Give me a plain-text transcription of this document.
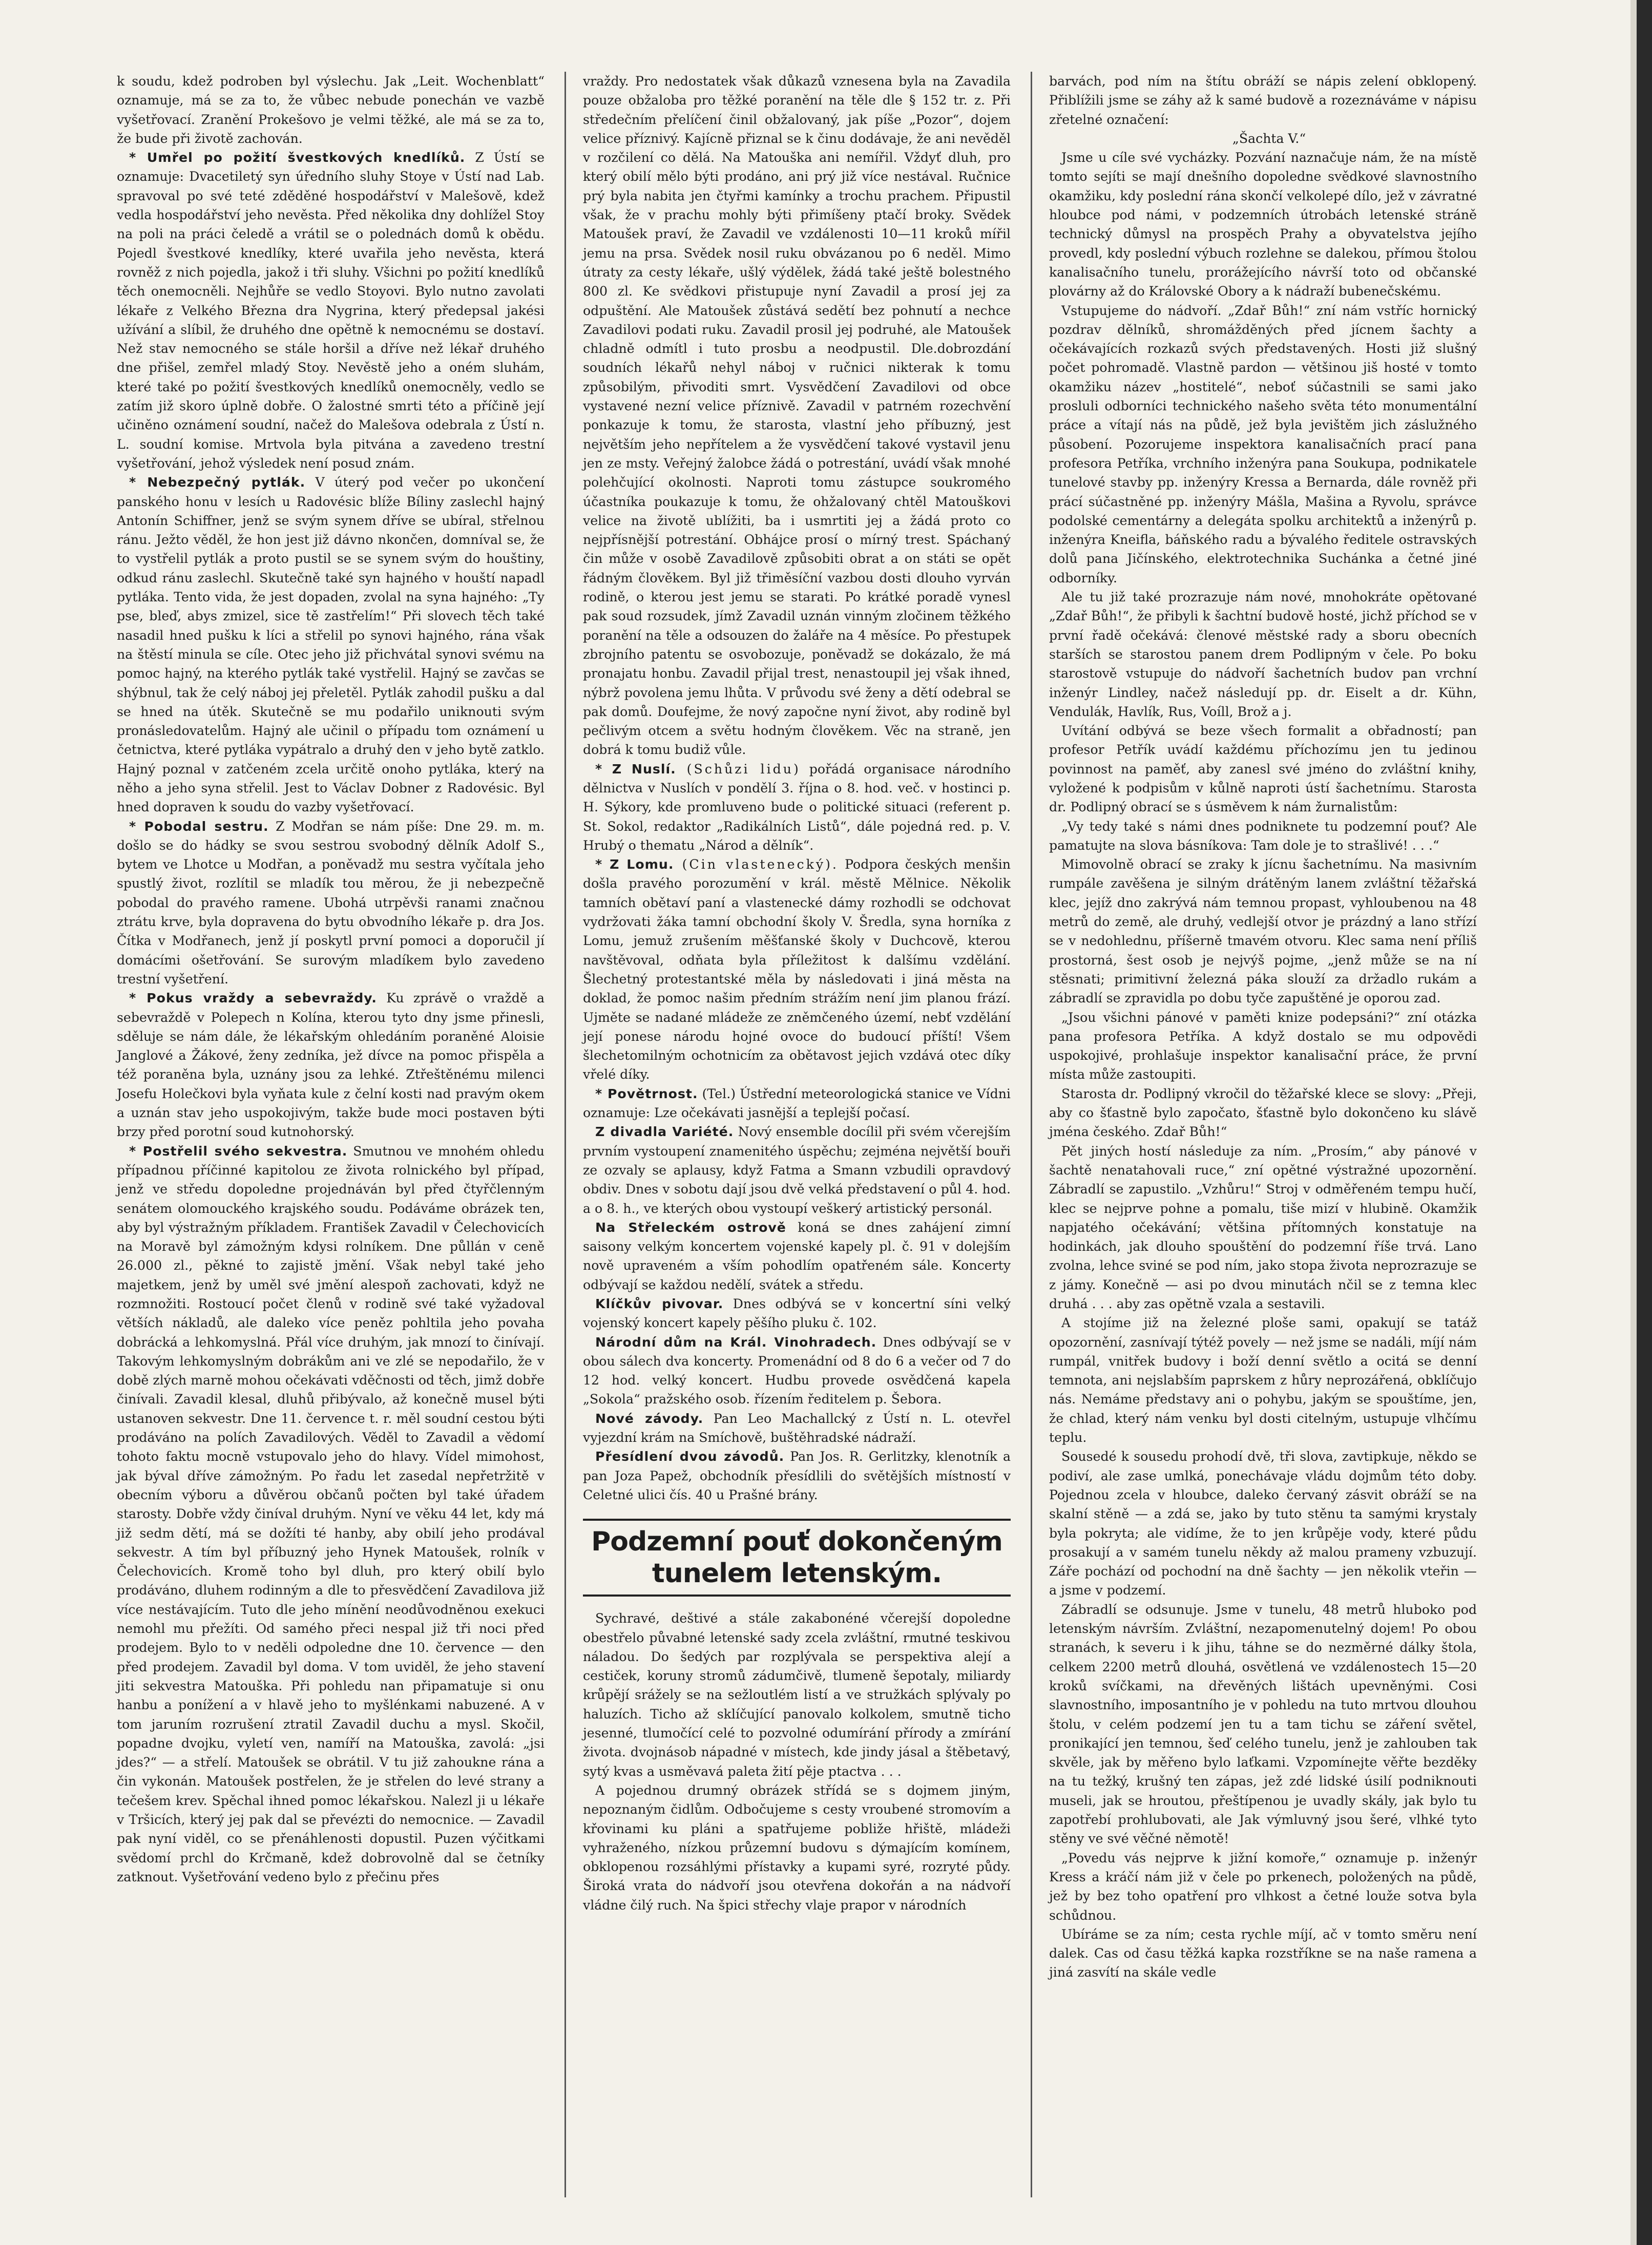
k soudu, kdež podroben byl výslechu. Jak „Leit. Wochenblatt“ oznamuje, má se za to, že vůbec nebude ponechán ve vazbě vyšetřovací. Zranění Prokešovo je velmi těžké, ale má se za to, že bude při životě zachován.

* Umřel po požití švestkových knedlíků. Z Ústí se oznamuje: Dvacetiletý syn úředního sluhy Stoye v Ústí nad Lab. spravoval po své teté zděděné hospodářství v Malešově, kdež vedla hospodářství jeho nevěsta. Před několika dny dohlížel Stoy na poli na práci čeledě a vrátil se o polednách domů k obědu. Pojedl švestkové knedlíky, které uvařila jeho nevěsta, která rovněž z nich pojedla, jakož i tři sluhy. Všichni po požití knedlíků těch onemocněli. Nejhůře se vedlo Stoyovi. Bylo nutno zavolati lékaře z Velkého Března dra Nygrina, který předepsal jakési užívání a slíbil, že druhého dne opětně k nemocnému se dostaví. Než stav nemocného se stále horšil a dříve než lékař druhého dne přišel, zemřel mladý Stoy. Nevěstě jeho a oném sluhám, které také po požití švestkových knedlíků onemocněly, vedlo se zatím již skoro úplně dobře. O žalostné smrti této a příčině její učiněno oznámení soudní, načež do Malešova odebrala z Ústí n. L. soudní komise. Mrtvola byla pitvána a zavedeno trestní vyšetřování, jehož výsledek není posud znám.

* Nebezpečný pytlák. V úterý pod večer po ukončení panského honu v lesích u Radovésic blíže Bíliny zaslechl hajný Antonín Schiffner, jenž se svým synem dříve se ubíral, střelnou ránu. Ježto věděl, že hon jest již dávno nkončen, domníval se, že to vystřelil pytlák a proto pustil se se synem svým do houštiny, odkud ránu zaslechl. Skutečně také syn hajného v houští napadl pytláka. Tento vida, že jest dopaden, zvolal na syna hajného: „Ty pse, bleď, abys zmizel, sice tě zastřelím!“ Při slovech těch také nasadil hned pušku k líci a střelil po synovi hajného, rána však na štěstí minula se cíle. Otec jeho již přichvátal synovi svému na pomoc hajný, na kterého pytlák také vystřelil. Hajný se zavčas se shýbnul, tak že celý náboj jej přeletěl. Pytlák zahodil pušku a dal se hned na útěk. Skutečně se mu podařilo uniknouti svým pronásledovatelům. Hajný ale učinil o případu tom oznámení u četnictva, které pytláka vypátralo a druhý den v jeho bytě zatklo. Hajný poznal v zatčeném zcela určitě onoho pytláka, který na něho a jeho syna střelil. Jest to Václav Dobner z Radovésic. Byl hned dopraven k soudu do vazby vyšetřovací.

* Pobodal sestru. Z Modřan se nám píše: Dne 29. m. m. došlo se do hádky se svou sestrou svobodný dělník Adolf S., bytem ve Lhotce u Modřan, a poněvadž mu sestra vyčítala jeho spustlý život, rozlítil se mladík tou měrou, že ji nebezpečně pobodal do pravého ramene. Ubohá utrpěvši ranami značnou ztrátu krve, byla dopravena do bytu obvodního lékaře p. dra Jos. Čítka v Modřanech, jenž jí poskytl první pomoci a doporučil jí domácími ošetřování. Se surovým mladíkem bylo zavedeno trestní vyšetření.

* Pokus vraždy a sebevraždy. Ku zprávě o vraždě a sebevraždě v Polepech n Kolína, kterou tyto dny jsme přinesli, sděluje se nám dále, že lékařským ohledáním poraněné Aloisie Janglové a Žákové, ženy zedníka, jež dívce na pomoc přispěla a též poraněna byla, uznány jsou za lehké. Ztřeštěnému milenci Josefu Holečkovi byla vyňata kule z čelní kosti nad pravým okem a uznán stav jeho uspokojivým, takže bude moci postaven býti brzy před porotní soud kutnohorský.

* Postřelil svého sekvestra. Smutnou ve mnohém ohledu případnou příčinné kapitolou ze života rolnického byl případ, jenž ve středu dopoledne projednáván byl před čtyřčlenným senátem olomouckého krajského soudu. Podáváme obrázek ten, aby byl výstražným příkladem. František Zavadil v Čelechovicích na Moravě byl zámožným kdysi rolníkem. Dne půllán v ceně 26.000 zl., pěkné to zajistě jmění. Však nebyl také jeho majetkem, jenž by uměl své jmění alespoň zachovati, když ne rozmnožiti. Rostoucí počet členů v rodině své také vyžadoval větších nákladů, ale daleko více peněz pohltila jeho povaha dobrácká a lehkomyslná. Přál více druhým, jak mnozí to činívají. Takovým lehkomyslným dobrákům ani ve zlé se nepodařilo, že v době zlých marně mohou očekávati vděčnosti od těch, jimž dobře činívali. Zavadil klesal, dluhů přibývalo, až konečně musel býti ustanoven sekvestr. Dne 11. července t. r. měl soudní cestou býti prodáváno na polích Zavadilových. Věděl to Zavadil a vědomí tohoto faktu mocně vstupovalo jeho do hlavy. Vídel mimohost, jak býval dříve zámožným. Po řadu let zasedal nepřetržitě v obecním výboru a důvěrou občanů počten byl také úřadem starosty. Dobře vždy činíval druhým. Nyní ve věku 44 let, kdy má již sedm dětí, má se dožíti té hanby, aby obilí jeho prodával sekvestr. A tím byl příbuzný jeho Hynek Matoušek, rolník v Čelechovicích. Kromě toho byl dluh, pro který obilí bylo prodáváno, dluhem rodinným a dle to přesvědčení Zavadilova již více nestávajícím. Tuto dle jeho mínění neodůvodněnou exekuci nemohl mu přežíti. Od samého přeci nespal již tři noci před prodejem. Bylo to v neděli odpoledne dne 10. července — den před prodejem. Zavadil byl doma. V tom uviděl, že jeho stavení jiti sekvestra Matouška. Při pohledu nan připamatuje si onu hanbu a ponížení a v hlavě jeho to myšlénkami nabuzené. A v tom jaruním rozrušení ztratil Zavadil duchu a mysl. Skočil, popadne dvojku, vyletí ven, namíří na Matouška, zavolá: „jsi jdes?“ — a střelí. Matoušek se obrátil. V tu již zahoukne rána a čin vykonán. Matoušek postřelen, že je střelen do levé strany a tečešem krev. Spěchal ihned pomoc lékařskou. Nalezl ji u lékaře v Tršicích, který jej pak dal se převézti do nemocnice. — Zavadil pak nyní viděl, co se přenáhlenosti dopustil. Puzen výčitkami svědomí prchl do Krčmaně, kdež dobrovolně dal se četníky zatknout. Vyšetřování vedeno bylo z přečinu přes

vraždy. Pro nedostatek však důkazů vznesena byla na Zavadila pouze obžaloba pro těžké poranění na těle dle § 152 tr. z. Při středečním přelíčení činil obžalovaný, jak píše „Pozor“, dojem velice příznivý. Kajícně přiznal se k činu dodávaje, že ani nevěděl v rozčilení co dělá. Na Matouška ani nemířil. Vždyť dluh, pro který obilí mělo býti prodáno, ani prý již více nestával. Ručnice prý byla nabita jen čtyřmi kamínky a trochu prachem. Připustil však, že v prachu mohly býti přimíšeny ptačí broky. Svědek Matoušek praví, že Zavadil ve vzdálenosti 10—11 kroků mířil jemu na prsa. Svědek nosil ruku obvázanou po 6 neděl. Mimo útraty za cesty lékaře, ušlý výdělek, žádá také ještě bolestného 800 zl. Ke svědkovi přistupuje nyní Zavadil a prosí jej za odpuštění. Ale Matoušek zůstává sedětí bez pohnutí a nechce Zavadilovi podati ruku. Zavadil prosil jej podruhé, ale Matoušek chladně odmítl i tuto prosbu a neodpustil. Dle.dobrozdání soudních lékařů nehyl náboj v ručnici nikterak k tomu způsobilým, přivoditi smrt. Vysvědčení Zavadilovi od obce vystavené nezní velice příznivě. Zavadil v patrném rozechvění ponkazuje k tomu, že starosta, vlastní jeho příbuzný, jest největším jeho nepřítelem a že vysvědčení takové vystavil jenu jen ze msty. Veřejný žalobce žádá o potrestání, uvádí však mnohé polehčující okolnosti. Naproti tomu zástupce soukromého účastníka poukazuje k tomu, že ohžalovaný chtěl Matouškovi velice na životě ublížiti, ba i usmrtiti jej a žádá proto co nejpřísnější potrestání. Obhájce prosí o mírný trest. Spáchaný čin může v osobě Zavadilově způsobiti obrat a on státi se opět řádným člověkem. Byl již třiměsíční vazbou dosti dlouho vyrván rodině, o kterou jest jemu se starati. Po krátké poradě vynesl pak soud rozsudek, jímž Zavadil uznán vinným zločinem těžkého poranění na těle a odsouzen do žaláře na 4 měsíce. Po přestupek zbrojního patentu se osvobozuje, poněvadž se dokázalo, že má pronajatu honbu. Zavadil přijal trest, nenastoupil jej však ihned, nýbrž povolena jemu lhůta. V průvodu své ženy a dětí odebral se pak domů. Doufejme, že nový započne nyní život, aby rodině byl pečlivým otcem a světu hodným člověkem. Věc na straně, jen dobrá k tomu budiž vůle.

* Z Nuslí. (Schůzi lidu) pořádá organisace národního dělnictva v Nuslích v pondělí 3. října o 8. hod. več. v hostinci p. H. Sýkory, kde promluveno bude o politické situaci (referent p. St. Sokol, redaktor „Radikálních Listů“, dále pojedná red. p. V. Hrubý o thematu „Národ a dělník“.

* Z Lomu. (Cin vlastenecký). Podpora českých menšin došla pravého porozumění v král. městě Mělnice. Několik tamních obětaví paní a vlastenecké dámy rozhodli se odchovat vydržovati žáka tamní obchodní školy V. Šredla, syna horníka z Lomu, jemuž zrušením měšťanské školy v Duchcově, kterou navštěvoval, odňata byla příležitost k dalšímu vzdělání. Šlechetný protestantské měla by následovati i jiná města na doklad, že pomoc našim předním strážím není jim planou frází. Ujměte se nadané mládeže ze zněmčeného území, nebť vzdělání její ponese národu hojné ovoce do budoucí příští! Všem šlechetomilným ochotnicím za obětavost jejich vzdává otec díky vřelé díky.

* Povětrnost. (Tel.) Ústřední meteorologická stanice ve Vídni oznamuje: Lze očekávati jasnější a teplejší počasí.

Z divadla Variété. Nový ensemble docílil při svém včerejším prvním vystoupení znamenitého úspěchu; zejména největší bouři ze ozvaly se aplausy, když Fatma a Smann vzbudili opravdový obdiv. Dnes v sobotu dají jsou dvě velká představení o půl 4. hod. a o 8. h., ve kterých obou vystoupí veškerý artistický personál.

Na Střeleckém ostrově koná se dnes zahájení zimní saisony velkým koncertem vojenské kapely pl. č. 91 v dolejším nově upraveném a vším pohodlím opatřeném sále. Koncerty odbývají se každou nedělí, svátek a středu.

Klíčkův pivovar. Dnes odbývá se v koncertní síni velký vojenský koncert kapely pěšího pluku č. 102.

Národní dům na Král. Vinohradech. Dnes odbývají se v obou sálech dva koncerty. Promenádní od 8 do 6 a večer od 7 do 12 hod. velký koncert. Hudbu provede osvědčená kapela „Sokola“ pražského osob. řízením ředitelem p. Šebora.

Nové závody. Pan Leo Machallcký z Ústí n. L. otevřel vyjezdní krám na Smíchově, buštěhradské nádraží.

Přesídlení dvou závodů. Pan Jos. R. Gerlitzky, klenotník a pan Joza Papež, obchodník přesídlili do světějších místností v Celetné ulici čís. 40 u Prašné brány.

Podzemní pouť dokončeným tunelem letenským.

Sychravé, deštivé a stále zakabonéné včerejší dopoledne obestřelo půvabné letenské sady zcela zvláštní, rmutné teskivou náladou. Do šedých par rozplývala se perspektiva alejí a cestiček, koruny stromů zádumčivě, tlumeně šepotaly, miliardy krůpějí srážely se na sežloutlém listí a ve stružkách splývaly po haluzích. Ticho až sklíčující panovalo kolkolem, smutně ticho jesenné, tlumočící celé to pozvolné odumírání přírody a zmírání života. dvojnásob nápadné v místech, kde jindy jásal a štěbetavý, sytý kvas a usměvavá paleta žití pěje ptactva . . .

A pojednou drumný obrázek střídá se s dojmem jiným, nepoznaným čidlům. Odbočujeme s cesty vroubené stromovím a křovinami ku pláni a spatřujeme pobliže hřiště, mládeži vyhraženého, nízkou průzemní budovu s dýmajícím komínem, obklopenou rozsáhlými přístavky a kupami syré, rozryté půdy. Široká vrata do nádvoří jsou otevřena dokořán a na nádvoří vládne čilý ruch. Na špici střechy vlaje prapor v národních

barvách, pod ním na štítu obráží se nápis zelení obklopený. Přiblížili jsme se záhy až k samé budově a rozeznáváme v nápisu zřetelné označení:

„Šachta V.“

Jsme u cíle své vycházky. Pozvání naznačuje nám, že na místě tomto sejíti se mají dnešního dopoledne svědkové slavnostního okamžiku, kdy poslední rána skončí velkolepé dílo, jež v závratné hloubce pod námi, v podzemních útrobách letenské stráně technický důmysl na prospěch Prahy a obyvatelstva jejího provedl, kdy poslední výbuch rozlehne se dalekou, přímou štolou kanalisačního tunelu, prorážejícího návrší toto od občanské plovárny až do Královské Obory a k nádraží bubenečskému.

Vstupujeme do nádvoří. „Zdař Bůh!“ zní nám vstříc hornický pozdrav dělníků, shromážděných před jícnem šachty a očekávajících rozkazů svých představených. Hosti již slušný počet pohromadě. Vlastně pardon — většinou jiš hosté v tomto okamžiku název „hostitelé“, neboť súčastnili se sami jako prosluli odborníci technického našeho světa této monumentální práce a vítají nás na půdě, jež byla jevištěm jich záslužného působení. Pozorujeme inspektora kanalisačních prací pana profesora Petříka, vrchního inženýra pana Soukupa, podnikatele tunelové stavby pp. inženýry Kressa a Bernarda, dále rovněž při prácí súčastněné pp. inženýry Mášla, Mašina a Ryvolu, správce podolské cementárny a delegáta spolku architektů a inženýrů p. inženýra Kneifla, báňského radu a bývalého ředitele ostravských dolů pana Jičínského, elektrotechnika Suchánka a četné jiné odborníky.

Ale tu již také prozrazuje nám nové, mnohokráte opětované „Zdař Bůh!“, že přibyli k šachtní budově hosté, jichž příchod se v první řadě očekává: členové městské rady a sboru obecních starších se starostou panem drem Podlipným v čele. Po boku starostově vstupuje do nádvoří šachetních budov pan vrchní inženýr Lindley, načež následují pp. dr. Eiselt a dr. Kühn, Vendulák, Havlík, Rus, Voíll, Brož a j.

Uvítání odbývá se beze všech formalit a obřadností; pan profesor Petřík uvádí každému příchozímu jen tu jedinou povinnost na paměť, aby zanesl své jméno do zvláštní knihy, vyložené k podpisům v kůlně naproti ústí šachetnímu. Starosta dr. Podlipný obrací se s úsměvem k nám žurnalistům:

„Vy tedy také s námi dnes podniknete tu podzemní pouť? Ale pamatujte na slova básníkova: Tam dole je to strašlivé! . . .“

Mimovolně obrací se zraky k jícnu šachetnímu. Na masivním rumpále zavěšena je silným drátěným lanem zvláštní těžařská klec, jejíž dno zakrývá nám temnou propast, vyhloubenou na 48 metrů do země, ale druhý, vedlejší otvor je prázdný a lano střízí se v nedohlednu, příšerně tmavém otvoru. Klec sama není příliš prostorná, šest osob je nejvýš pojme, „jenž může se na ní stěsnati; primitivní železná páka slouží za držadlo rukám a zábradlí se zpravidla po dobu tyče zapuštěné je oporou zad.

„Jsou všichni pánové v paměti knize podepsáni?“ zní otázka pana profesora Petříka. A když dostalo se mu odpovědi uspokojivé, prohlašuje inspektor kanalisační práce, že první místa může zastoupiti.

Starosta dr. Podlipný vkročil do těžařské klece se slovy: „Přeji, aby co šťastně bylo započato, šťastně bylo dokončeno ku slávě jména českého. Zdař Bůh!“

Pět jiných hostí následuje za ním. „Prosím,“ aby pánové v šachtě nenatahovali ruce,“ zní opětné výstražné upozornění. Zábradlí se zapustilo. „Vzhůru!“ Stroj v odměřeném tempu hučí, klec se nejprve pohne a pomalu, tiše mizí v hlubině. Okamžik napjatého očekávání; většina přítomných konstatuje na hodinkách, jak dlouho spouštění do podzemní říše trvá. Lano zvolna, lehce sviné se pod ním, jako stopa života neprozrazuje se z jámy. Konečně — asi po dvou minutách nčil se z temna klec druhá . . . aby zas opětně vzala a sestavili.

A stojíme již na železné ploše sami, opakují se tatáž opozornění, zasnívají týtéž povely — než jsme se nadáli, míjí nám rumpál, vnitřek budovy i boží denní světlo a ocitá se denní temnota, ani nejslabším paprskem z hůry neprozářená, obklíčujo nás. Nemáme představy ani o pohybu, jakým se spouštíme, jen, že chlad, který nám venku byl dosti citelným, ustupuje vlhčímu teplu.

Sousedé k sousedu prohodí dvě, tři slova, zavtipkuje, někdo se podiví, ale zase umlká, ponechávaje vládu dojmům této doby. Pojednou zcela v hloubce, daleko červaný zásvit obráží se na skalní stěně — a zdá se, jako by tuto stěnu ta samými krystaly byla pokryta; ale vidíme, že to jen krůpěje vody, které půdu prosakují a v samém tunelu někdy až malou prameny vzbuzují. Záře pochází od pochodní na dně šachty — jen několik vteřin — a jsme v podzemí.

Zábradlí se odsunuje. Jsme v tunelu, 48 metrů hluboko pod letenským návrším. Zvláštní, nezapomenutelný dojem! Po obou stranách, k severu i k jihu, táhne se do nezměrné dálky štola, celkem 2200 metrů dlouhá, osvětlená ve vzdálenostech 15—20 kroků svíčkami, na dřevěných lištách upevněnými. Cosi slavnostního, imposantního je v pohledu na tuto mrtvou dlouhou štolu, v celém podzemí jen tu a tam tichu se záření světel, pronikající jen temnou, šeď celého tunelu, jenž je zahlouben tak skvěle, jak by měřeno bylo laťkami. Vzpomínejte věřte bezděky na tu težký, krušný ten zápas, jež zdé lidské úsilí podniknouti museli, jak se hroutou, přeštípenou je uvadly skály, jak bylo tu zapotřebí prohlubovati, ale Jak výmluvný jsou šeré, vlhké tyto stěny ve své věčné němotě!

„Povedu vás nejprve k jižní komoře,“ oznamuje p. inženýr Kress a kráčí nám již v čele po prkenech, položených na půdě, jež by bez toho opatření pro vlhkost a četné louže sotva byla schůdnou.

Ubíráme se za ním; cesta rychle míjí, ač v tomto směru není dalek. Cas od času těžká kapka rozstříkne se na naše ramena a jiná zasvítí na skále vedle
